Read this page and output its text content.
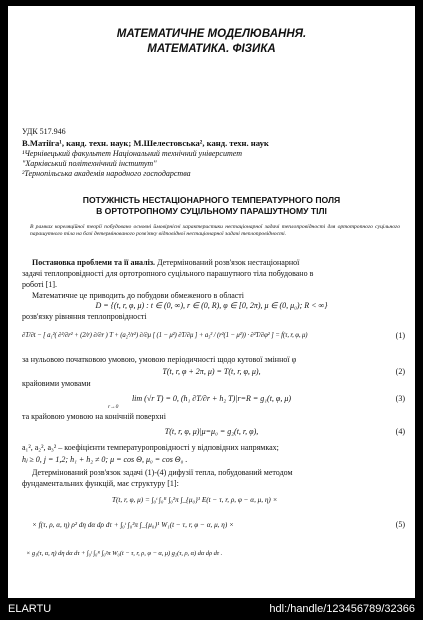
МАТЕМАТИЧНЕ МОДЕЛЮВАННЯ.
МАТЕМАТИКА. ФІЗИКА
УДК 517.946
В.Матіїга¹, канд. техн. наук; М.Шелестовська², канд. техн. наук
¹Чернівецький факультет Національний технічний університет
"Харківський політехнічний інститут"
²Тернопільська академія народного господарства
ПОТУЖНІСТЬ НЕСТАЦІОНАРНОГО ТЕМПЕРАТУРНОГО ПОЛЯ
В ОРТОТРОПНОМУ СУЦІЛЬНОМУ ПАРАШУТНОМУ ТІЛІ
В рамках кореляційної теорії побудовано основні ймовірнісні характеристики нестаціонарної задачі теплопровідності для ортотропного суцільного парашутного тіла на базі детермінованого розв'язку відповідної нестаціонарної задачі теплопровідності.
Постановка проблеми та її аналіз. Детермінований розв'язок нестаціонарної
задачі теплопровідності для ортотропного суцільного парашутного тіла побудовано в
роботі [1].
Математичне це приводить до побудови обмеженого в області
D = {(t, r, φ, μ) : t ∈ (0, ∞), r ∈ (0, R), φ ∈ [0, 2π), μ ∈ (0, μ₀); R < ∞}
розв'язку рівняння теплопровідності
∂T/∂t − [ a₁²( ∂²/∂r² + (2/r) ∂/∂r ) T + (a₂²/r²) ∂/∂μ [ (1 − μ²) ∂T/∂μ ] + a₃² / (r²(1 − μ²)) · ∂²T/∂φ² ] = f(τ, r, φ, μ)	(1)
за нульовою початковою умовою, умовою періодичності щодо кутової змінної φ
T(t, r, φ + 2π, μ) = T(t, r, φ, μ),	(2)
крайовими умовами
lim (√r T) = 0, (h₁ ∂T/∂r + h₂ T)|r=R = g₁(t, φ, μ)
r→0
(3)
та крайовою умовою на конічній поверхні
T(t, r, φ, μ)|μ=μ₀ = g₂(t, r, φ),	(4)
a₁², a₂², a₃² – коефіцієнти температуропровідності у відповідних напрямках;
hⱼ ≥ 0, j = 1,2; h₁ + h₂ ≠ 0; μ = cos Θ, μ₀ = cos Θ₀ .
Детермінований розв'язок задачі (1)-(4) дифузії тепла, побудований методом
фундаментальних функцій, має структуру [1]:
T(t, r, φ, μ) = ∫₀ᵗ ∫₀ᴿ ∫₀²π ∫_{μ₀}¹ E(t − τ, r, ρ, φ − α, μ, η) ×
× f(τ, ρ, α, η) ρ² dη dα dρ dτ + ∫₀ᵗ ∫₀²π ∫_{μ₀}¹ W₁(t − τ, r, φ − α, μ, η) ×	(5)
× g₁(τ, α, η) dη dα dτ + ∫₀ᵗ ∫₀ᴿ ∫₀²π W₀(t − τ, r, ρ, φ − α, μ) g₂(τ, ρ, α) dα dρ dτ .
ELARTU	hdl:/handle/123456789/32366
